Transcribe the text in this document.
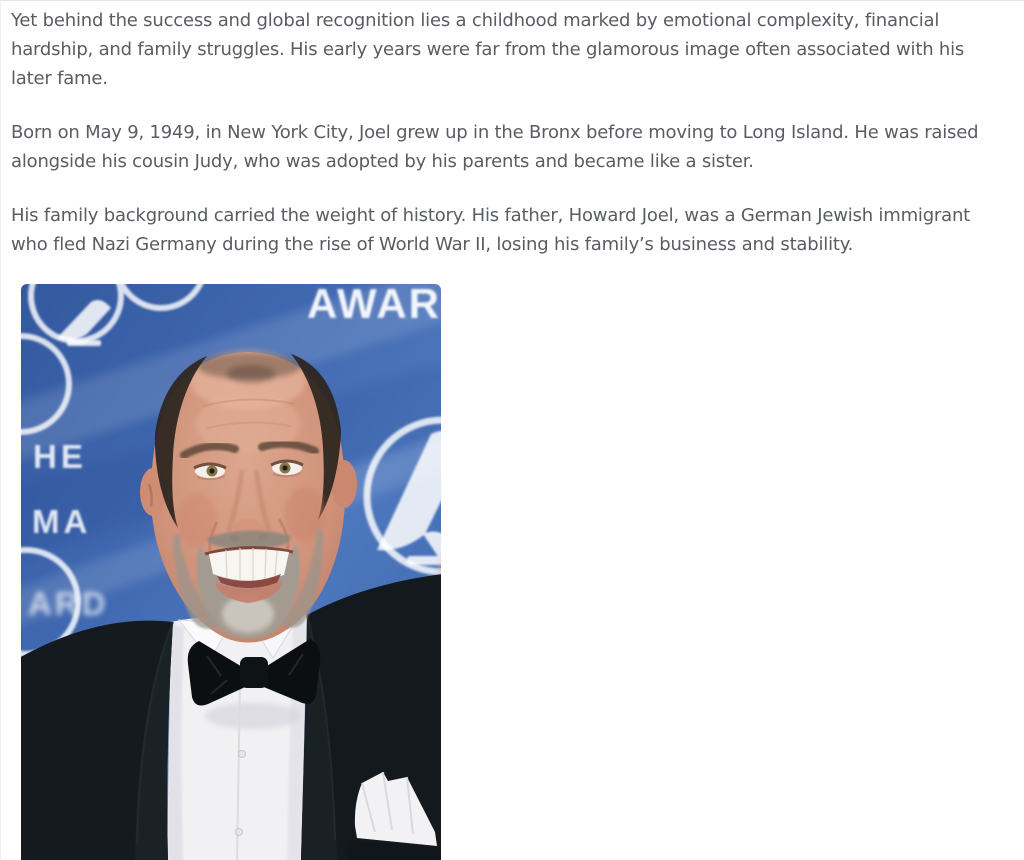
Yet behind the success and global recognition lies a childhood marked by emotional complexity, financial
hardship, and family struggles. His early years were far from the glamorous image often associated with his
later fame.

Born on May 9, 1949, in New York City, Joel grew up in the Bronx before moving to Long Island. He was raised
alongside his cousin Judy, who was adopted by his parents and became like a sister.

His family background carried the weight of history. His father, Howard Joel, was a German Jewish immigrant
who fled Nazi Germany during the rise of World War II, losing his family’s business and stability.

AWAR
HE
MA
ARD
